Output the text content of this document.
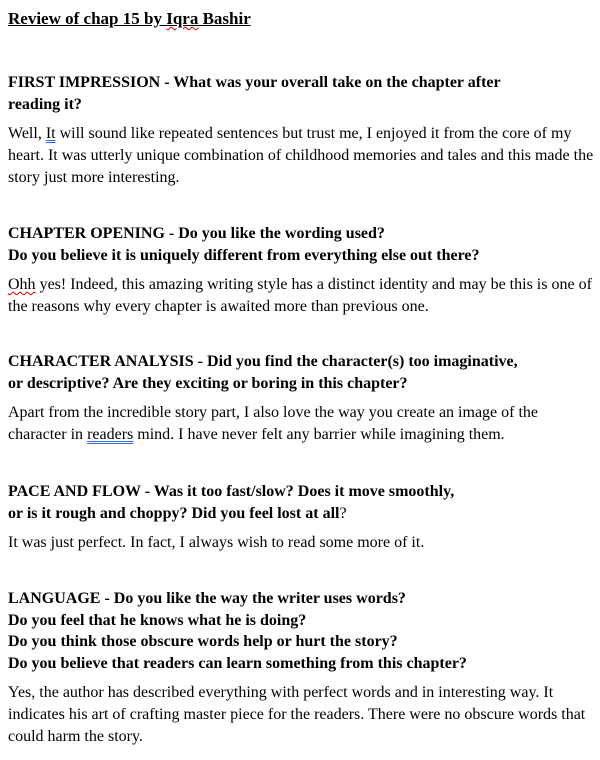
Review of chap 15 by Iqra Bashir

FIRST IMPRESSION - What was your overall take on the chapter after
reading it?

Well, It will sound like repeated sentences but trust me, I enjoyed it from the core of my heart. It was utterly unique combination of childhood memories and tales and this made the story just more interesting.

CHAPTER OPENING - Do you like the wording used?
Do you believe it is uniquely different from everything else out there?

Ohh yes! Indeed, this amazing writing style has a distinct identity and may be this is one of the reasons why every chapter is awaited more than previous one.

CHARACTER ANALYSIS - Did you find the character(s) too imaginative,
or descriptive? Are they exciting or boring in this chapter?

Apart from the incredible story part, I also love the way you create an image of the character in readers mind. I have never felt any barrier while imagining them.

PACE AND FLOW - Was it too fast/slow? Does it move smoothly,
or is it rough and choppy? Did you feel lost at all?

It was just perfect. In fact, I always wish to read some more of it.

LANGUAGE - Do you like the way the writer uses words?
Do you feel that he knows what he is doing?
Do you think those obscure words help or hurt the story?
Do you believe that readers can learn something from this chapter?

Yes, the author has described everything with perfect words and in interesting way. It indicates his art of crafting master piece for the readers. There were no obscure words that could harm the story.
